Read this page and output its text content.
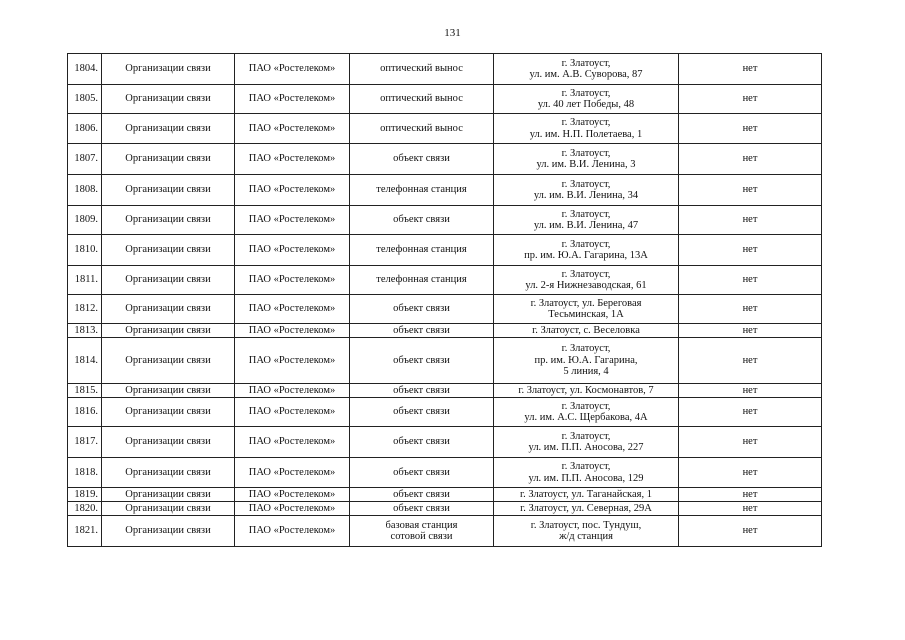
131
1804.	Организации связи	ПАО «Ростелеком»	оптический вынос	г. Златоуст,
ул. им. А.В. Суворова, 87	нет
1805.	Организации связи	ПАО «Ростелеком»	оптический вынос	г. Златоуст,
ул. 40 лет Победы, 48	нет
1806.	Организации связи	ПАО «Ростелеком»	оптический вынос	г. Златоуст,
ул. им. Н.П. Полетаева, 1	нет
1807.	Организации связи	ПАО «Ростелеком»	объект связи	г. Златоуст,
ул. им. В.И. Ленина, 3	нет
1808.	Организации связи	ПАО «Ростелеком»	телефонная станция	г. Златоуст,
ул. им. В.И. Ленина, 34	нет
1809.	Организации связи	ПАО «Ростелеком»	объект связи	г. Златоуст,
ул. им. В.И. Ленина, 47	нет
1810.	Организации связи	ПАО «Ростелеком»	телефонная станция	г. Златоуст,
пр. им. Ю.А. Гагарина, 13А	нет
1811.	Организации связи	ПАО «Ростелеком»	телефонная станция	г. Златоуст,
ул. 2-я Нижнезаводская, 61	нет
1812.	Организации связи	ПАО «Ростелеком»	объект связи	г. Златоуст, ул. Береговая
Тесьминская, 1А	нет
1813.	Организации связи	ПАО «Ростелеком»	объект связи	г. Златоуст, с. Веселовка	нет
1814.	Организации связи	ПАО «Ростелеком»	объект связи	г. Златоуст,
пр. им. Ю.А. Гагарина,
5 линия, 4	нет
1815.	Организации связи	ПАО «Ростелеком»	объект связи	г. Златоуст, ул. Космонавтов, 7	нет
1816.	Организации связи	ПАО «Ростелеком»	объект связи	г. Златоуст,
ул. им. А.С. Щербакова, 4А	нет
1817.	Организации связи	ПАО «Ростелеком»	объект связи	г. Златоуст,
ул. им. П.П. Аносова, 227	нет
1818.	Организации связи	ПАО «Ростелеком»	объект связи	г. Златоуст,
ул. им. П.П. Аносова, 129	нет
1819.	Организации связи	ПАО «Ростелеком»	объект связи	г. Златоуст, ул. Таганайская, 1	нет
1820.	Организации связи	ПАО «Ростелеком»	объект связи	г. Златоуст, ул. Северная, 29А	нет
1821.	Организации связи	ПАО «Ростелеком»	базовая станция
сотовой связи	г. Златоуст, пос. Тундуш,
ж/д станция	нет
